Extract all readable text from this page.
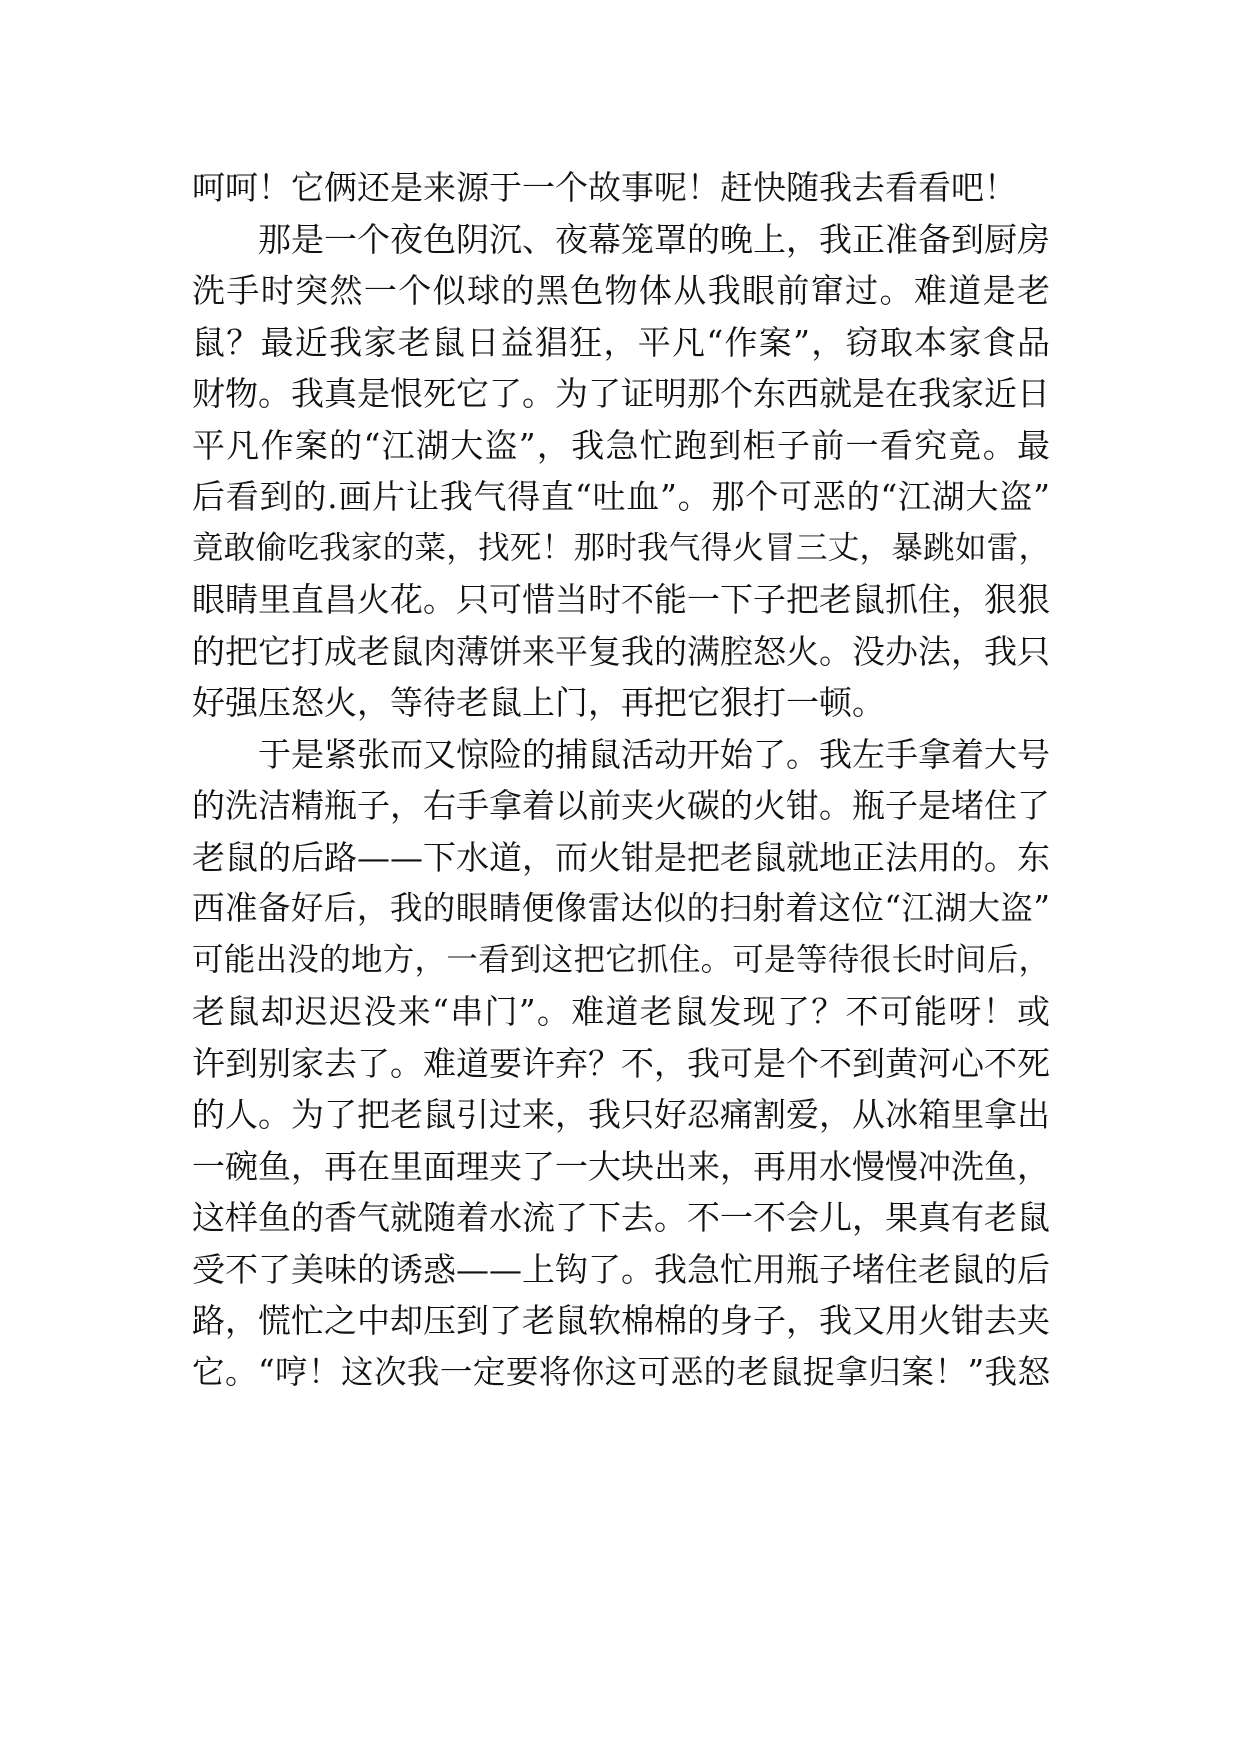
呵呵！它俩还是来源于一个故事呢！赶快随我去看看吧！
那是一个夜色阴沉、夜幕笼罩的晚上，我正准备到厨房
洗手时突然一个似球的黑色物体从我眼前窜过。难道是老
鼠？最近我家老鼠日益猖狂，平凡“作案”，窃取本家食品
财物。我真是恨死它了。为了证明那个东西就是在我家近日
平凡作案的“江湖大盗”，我急忙跑到柜子前一看究竟。最
后看到的.画片让我气得直“吐血”。那个可恶的“江湖大盗”
竟敢偷吃我家的菜，找死！那时我气得火冒三丈，暴跳如雷，
眼睛里直昌火花。只可惜当时不能一下子把老鼠抓住，狠狠
的把它打成老鼠肉薄饼来平复我的满腔怒火。没办法，我只
好强压怒火，等待老鼠上门，再把它狠打一顿。
于是紧张而又惊险的捕鼠活动开始了。我左手拿着大号
的洗洁精瓶子，右手拿着以前夹火碳的火钳。瓶子是堵住了
老鼠的后路——下水道，而火钳是把老鼠就地正法用的。东
西准备好后，我的眼睛便像雷达似的扫射着这位“江湖大盗”
可能出没的地方，一看到这把它抓住。可是等待很长时间后，
老鼠却迟迟没来“串门”。难道老鼠发现了？不可能呀！或
许到别家去了。难道要许弃？不，我可是个不到黄河心不死
的人。为了把老鼠引过来，我只好忍痛割爱，从冰箱里拿出
一碗鱼，再在里面理夹了一大块出来，再用水慢慢冲洗鱼，
这样鱼的香气就随着水流了下去。不一不会儿，果真有老鼠
受不了美味的诱惑——上钩了。我急忙用瓶子堵住老鼠的后
路，慌忙之中却压到了老鼠软棉棉的身子，我又用火钳去夹
它。“哼！这次我一定要将你这可恶的老鼠捉拿归案！”我怒
